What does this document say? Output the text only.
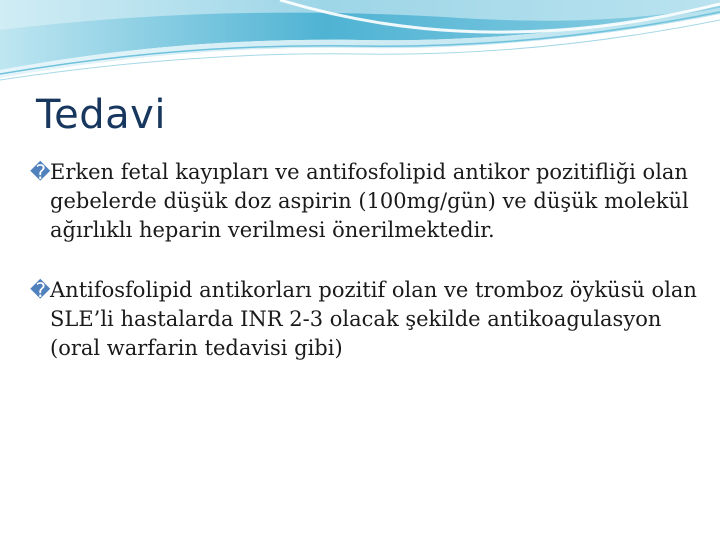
Tedavi
� Erken fetal kayıpları ve antifosfolipid antikor pozitifliği olan gebelerde düşük doz aspirin (100mg/gün) ve düşük molekül ağırlıklı heparin verilmesi önerilmektedir.
� Antifosfolipid antikorları pozitif olan ve tromboz öyküsü olan SLE’li hastalarda INR 2-3 olacak şekilde antikoagulasyon (oral warfarin tedavisi gibi)
